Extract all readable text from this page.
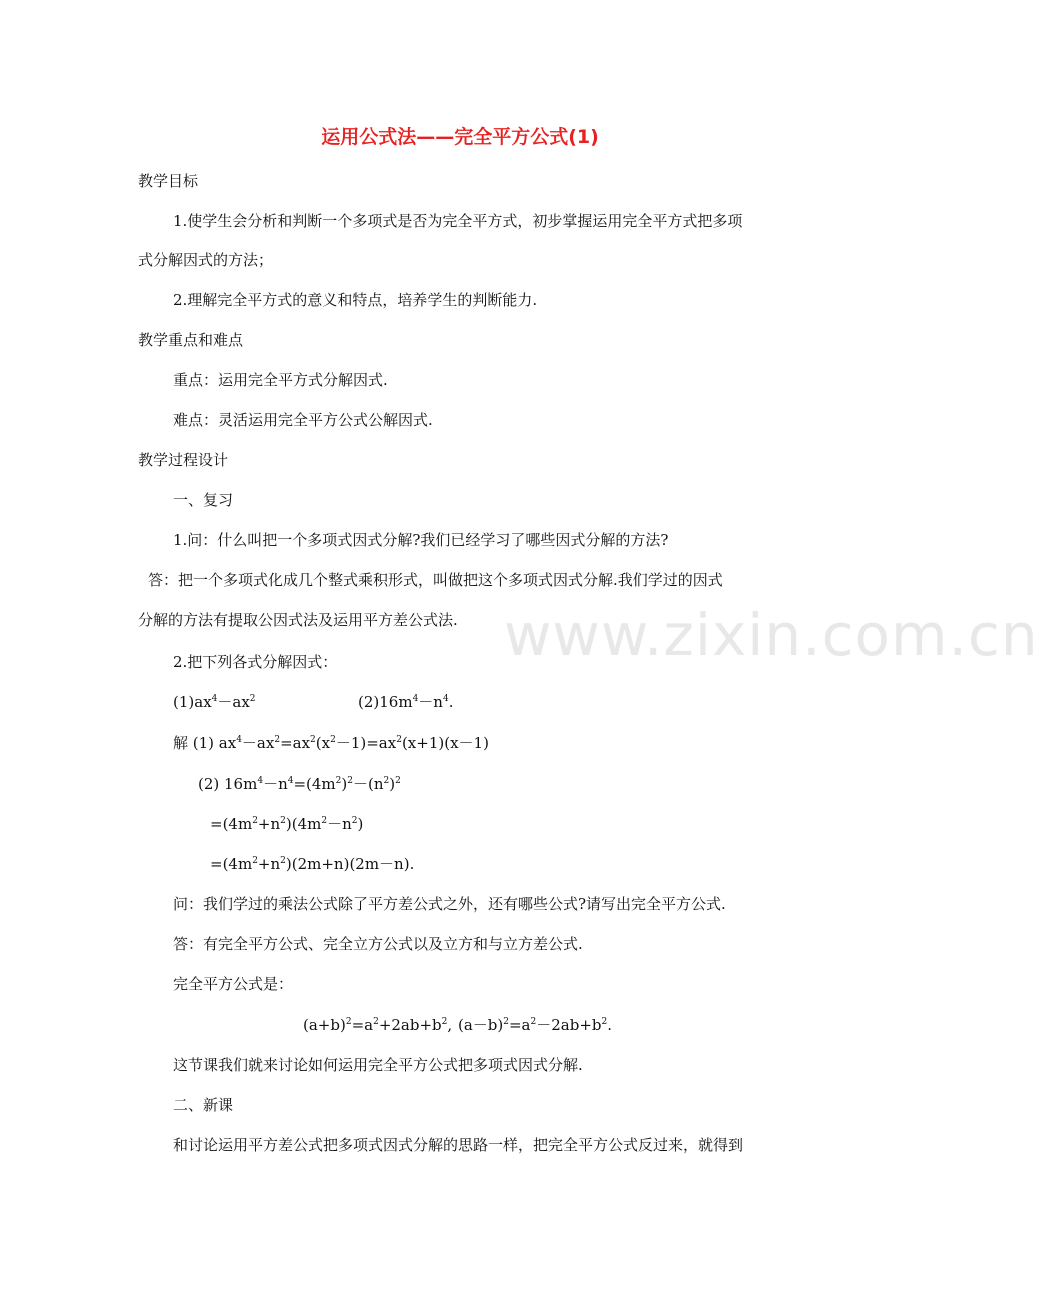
www.zixin.com.cn
运用公式法——完全平方公式(1)
教学目标
1.使学生会分析和判断一个多项式是否为完全平方式，初步掌握运用完全平方式把多项
式分解因式的方法；
2.理解完全平方式的意义和特点，培养学生的判断能力.
教学重点和难点
重点：运用完全平方式分解因式.
难点：灵活运用完全平方公式公解因式.
教学过程设计
一、复习
1.问：什么叫把一个多项式因式分解?我们已经学习了哪些因式分解的方法?
答：把一个多项式化成几个整式乘积形式，叫做把这个多项式因式分解.我们学过的因式
分解的方法有提取公因式法及运用平方差公式法.
2.把下列各式分解因式：
$(1)ax^4-ax^2$	$(2)16m^4-n^4$.
解 (1) $ax^4-ax^2=ax^2(x^2-1)=ax^2(x+1)(x-1)$
(2) $16m^4-n^4=(4m^2)^2-(n^2)^2$
$=(4m^2+n^2)(4m^2-n^2)$
$=(4m^2+n^2)(2m+n)(2m-n)$.
问：我们学过的乘法公式除了平方差公式之外，还有哪些公式?请写出完全平方公式.
答：有完全平方公式、完全立方公式以及立方和与立方差公式.
完全平方公式是：
$(a+b)^2=a^2+2ab+b^2$, $(a-b)^2=a^2-2ab+b^2$.
这节课我们就来讨论如何运用完全平方公式把多项式因式分解.
二、新课
和讨论运用平方差公式把多项式因式分解的思路一样，把完全平方公式反过来，就得到
